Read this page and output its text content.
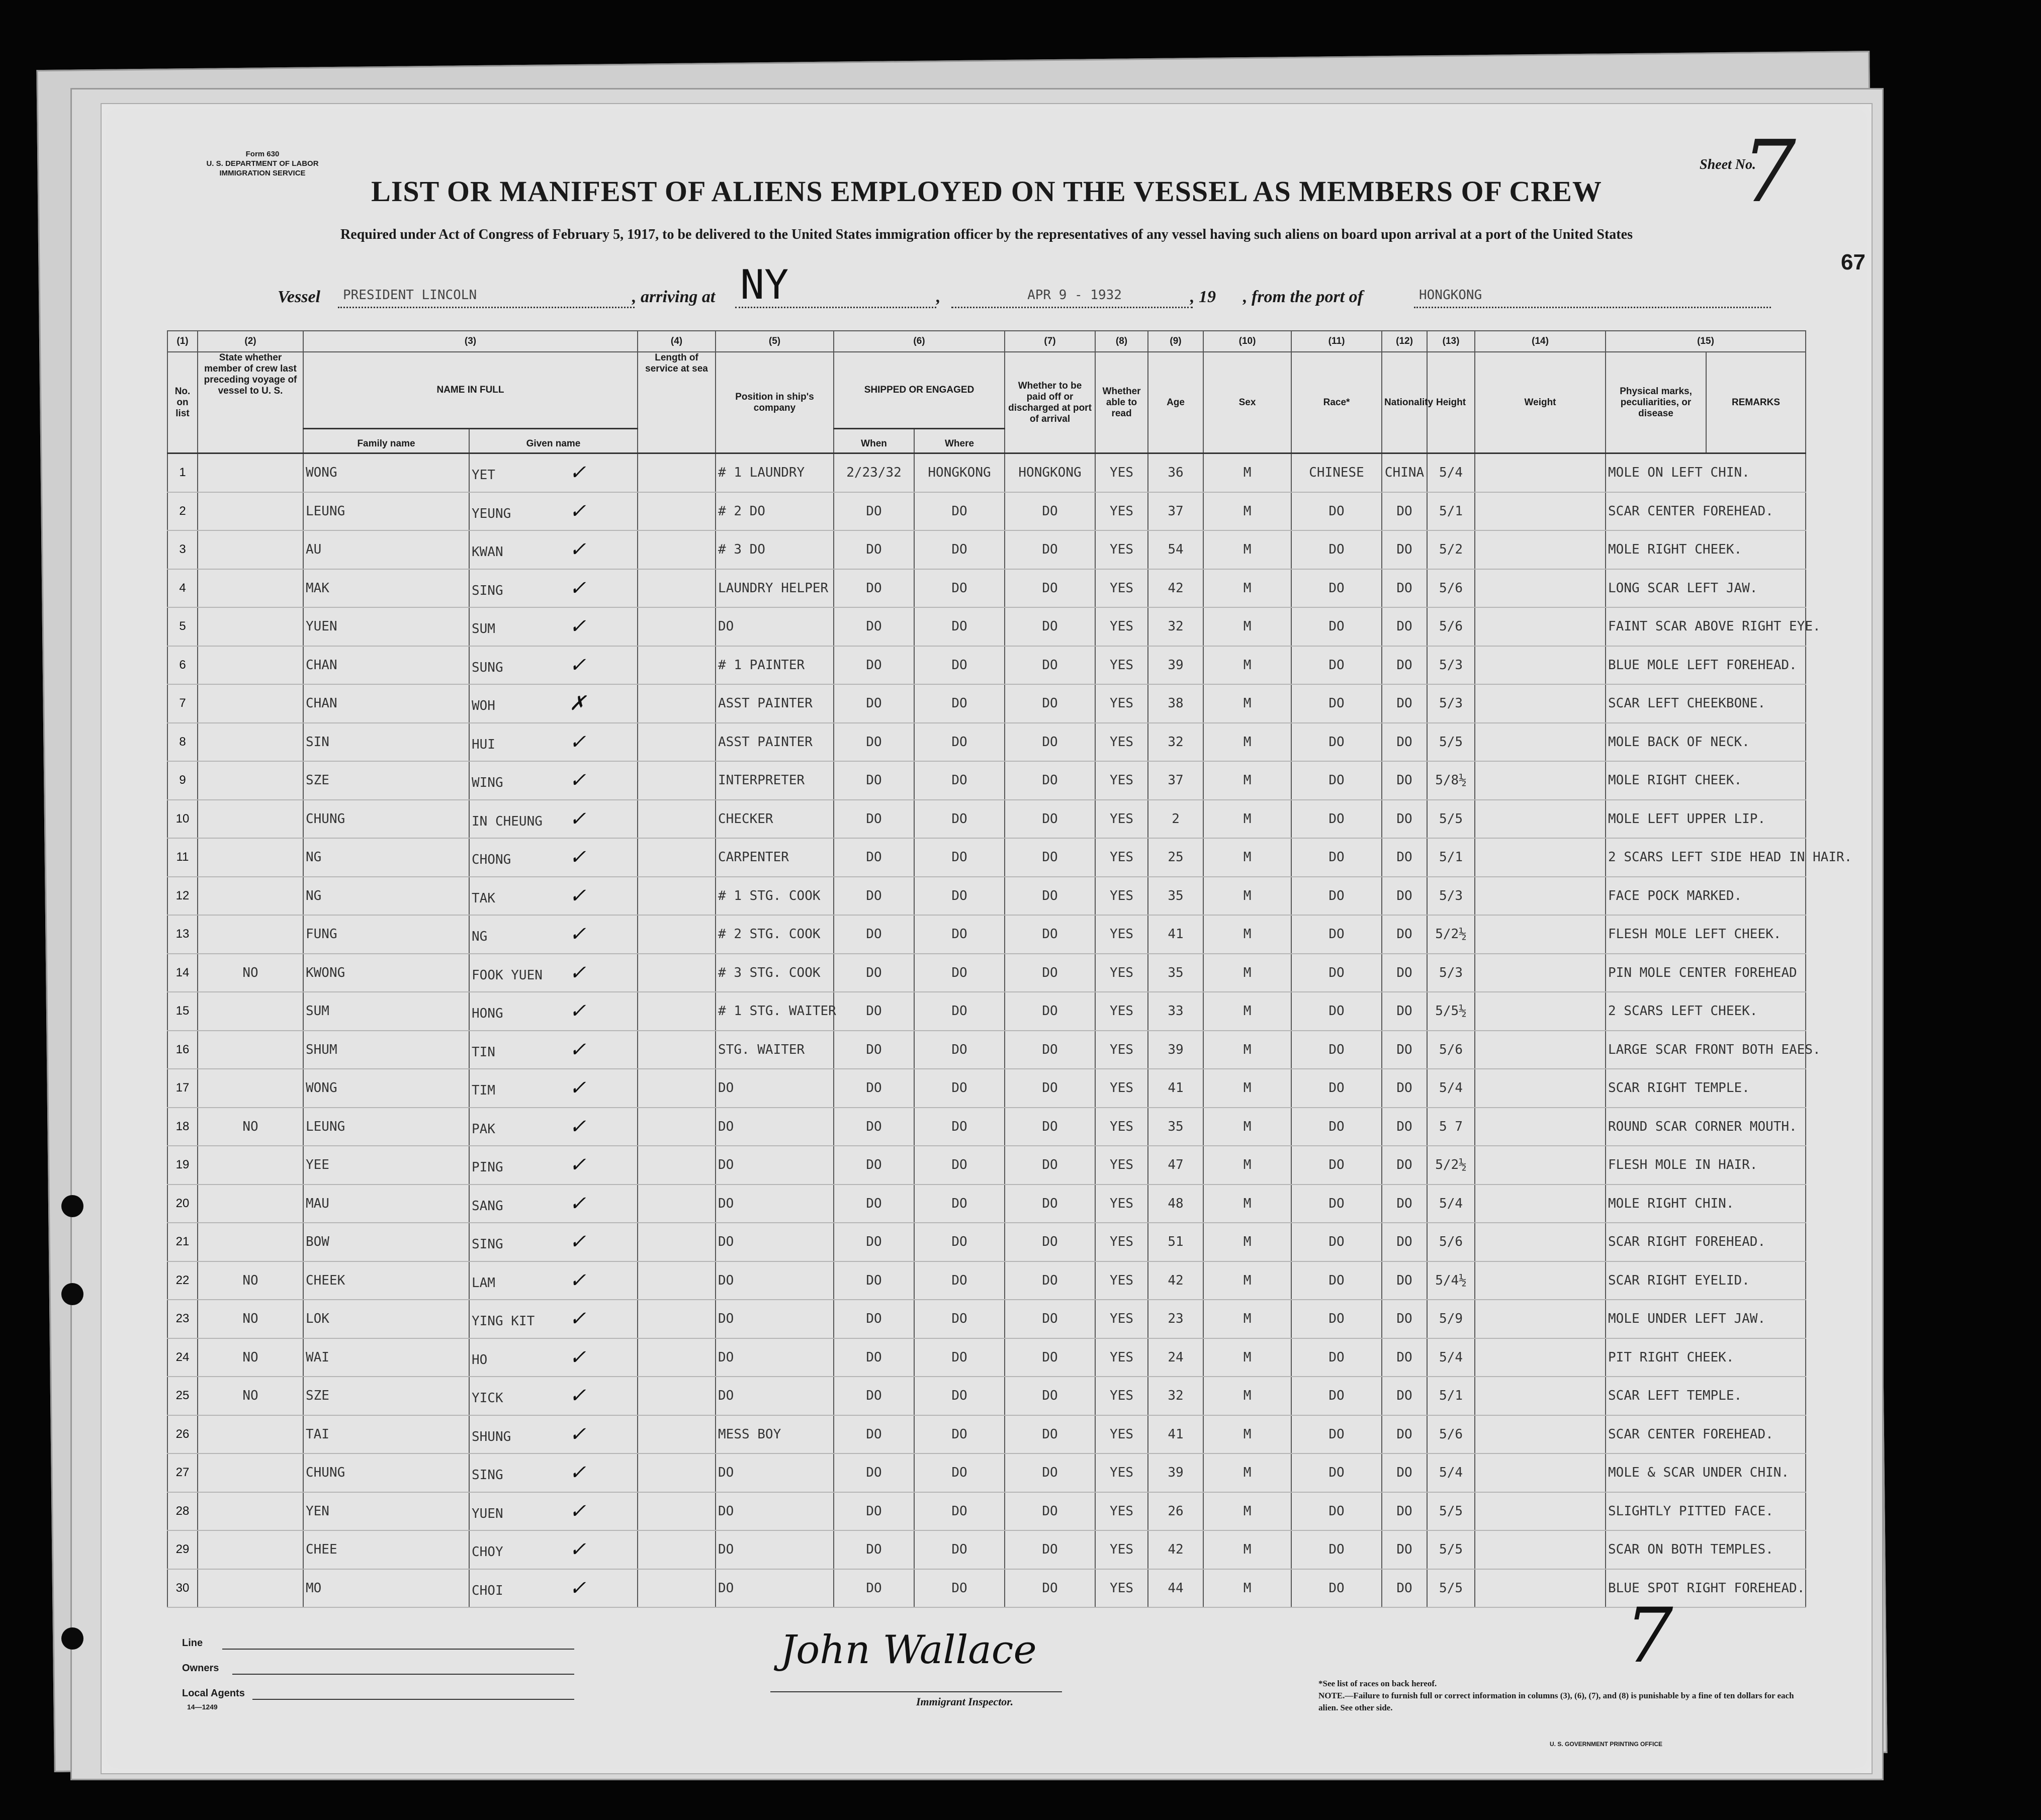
Form 630
U. S. DEPARTMENT OF LABOR
IMMIGRATION SERVICE
Sheet No.
7
67
LIST OR MANIFEST OF ALIENS EMPLOYED ON THE VESSEL AS MEMBERS OF CREW
Required under Act of Congress of February 5, 1917, to be delivered to the United States immigration officer by the representatives of any vessel having such aliens on board upon arrival at a port of the United States
Vessel	PRESIDENT LINCOLN	, arriving at NY	,	APR 9 - 1932	, 19 , from the port of	HONGKONG
(1)	(2)	(3)		(4)	(5)	(6)		(7)	(8)	(9)	(10)	(11)	(12)	(13)	(14)	(15)	
No. on list	State whether member of crew last preceding voyage of vessel to U. S.	NAME IN FULL		Length of service at sea	Position in ship's company	SHIPPED OR ENGAGED		Whether to be paid off or discharged at port of arrival	Whether able to read	Age	Sex	Race*	Nationality	Height	Weight	Physical marks, peculiarities, or disease	REMARKS
		Family name	Given name			When	Where										
1		WONG	YET ✓		# 1 LAUNDRY	2/23/32	HONGKONG	HONGKONG	YES	36	M	CHINESE	CHINA	5/4		MOLE ON LEFT CHIN.	
2		LEUNG	YEUNG ✓		# 2 DO	DO	DO	DO	YES	37	M	DO	DO	5/1		SCAR CENTER FOREHEAD.	
3		AU	KWAN ✓		# 3 DO	DO	DO	DO	YES	54	M	DO	DO	5/2		MOLE RIGHT CHEEK.	
4		MAK	SING ✓		LAUNDRY HELPER	DO	DO	DO	YES	42	M	DO	DO	5/6		LONG SCAR LEFT JAW.	
5		YUEN	SUM ✓		DO	DO	DO	DO	YES	32	M	DO	DO	5/6		FAINT SCAR ABOVE RIGHT EYE.	
6		CHAN	SUNG ✓		# 1 PAINTER	DO	DO	DO	YES	39	M	DO	DO	5/3		BLUE MOLE LEFT FOREHEAD.	
7		CHAN	WOH ✗		ASST PAINTER	DO	DO	DO	YES	38	M	DO	DO	5/3		SCAR LEFT CHEEKBONE.	
8		SIN	HUI ✓		ASST PAINTER	DO	DO	DO	YES	32	M	DO	DO	5/5		MOLE BACK OF NECK.	
9		SZE	WING ✓		INTERPRETER	DO	DO	DO	YES	37	M	DO	DO	5/8½		MOLE RIGHT CHEEK.	
10		CHUNG	IN CHEUNG ✓		CHECKER	DO	DO	DO	YES	2	M	DO	DO	5/5		MOLE LEFT UPPER LIP.	
11		NG	CHONG ✓		CARPENTER	DO	DO	DO	YES	25	M	DO	DO	5/1		2 SCARS LEFT SIDE HEAD IN HAIR.	
12		NG	TAK ✓		# 1 STG. COOK	DO	DO	DO	YES	35	M	DO	DO	5/3		FACE POCK MARKED.	
13		FUNG	NG ✓		# 2 STG. COOK	DO	DO	DO	YES	41	M	DO	DO	5/2½		FLESH MOLE LEFT CHEEK.	
14	NO	KWONG	FOOK YUEN ✓		# 3 STG. COOK	DO	DO	DO	YES	35	M	DO	DO	5/3		PIN MOLE CENTER FOREHEAD	
15		SUM	HONG ✓		# 1 STG. WAITER	DO	DO	DO	YES	33	M	DO	DO	5/5½		2 SCARS LEFT CHEEK.	
16		SHUM	TIN ✓		STG. WAITER	DO	DO	DO	YES	39	M	DO	DO	5/6		LARGE SCAR FRONT BOTH EAES.	
17		WONG	TIM ✓		DO	DO	DO	DO	YES	41	M	DO	DO	5/4		SCAR RIGHT TEMPLE.	
18	NO	LEUNG	PAK ✓		DO	DO	DO	DO	YES	35	M	DO	DO	5 7		ROUND SCAR CORNER MOUTH.	
19		YEE	PING ✓		DO	DO	DO	DO	YES	47	M	DO	DO	5/2½		FLESH MOLE IN HAIR.	
20		MAU	SANG ✓		DO	DO	DO	DO	YES	48	M	DO	DO	5/4		MOLE RIGHT CHIN.	
21		BOW	SING ✓		DO	DO	DO	DO	YES	51	M	DO	DO	5/6		SCAR RIGHT FOREHEAD.	
22	NO	CHEEK	LAM ✓		DO	DO	DO	DO	YES	42	M	DO	DO	5/4½		SCAR RIGHT EYELID.	
23	NO	LOK	YING KIT ✓		DO	DO	DO	DO	YES	23	M	DO	DO	5/9		MOLE UNDER LEFT JAW.	
24	NO	WAI	HO ✓		DO	DO	DO	DO	YES	24	M	DO	DO	5/4		PIT RIGHT CHEEK.	
25	NO	SZE	YICK ✓		DO	DO	DO	DO	YES	32	M	DO	DO	5/1		SCAR LEFT TEMPLE.	
26		TAI	SHUNG ✓		MESS BOY	DO	DO	DO	YES	41	M	DO	DO	5/6		SCAR CENTER FOREHEAD.	
27		CHUNG	SING ✓		DO	DO	DO	DO	YES	39	M	DO	DO	5/4		MOLE & SCAR UNDER CHIN.	
28		YEN	YUEN ✓		DO	DO	DO	DO	YES	26	M	DO	DO	5/5		SLIGHTLY PITTED FACE.	
29		CHEE	CHOY ✓		DO	DO	DO	DO	YES	42	M	DO	DO	5/5		SCAR ON BOTH TEMPLES.	
30		MO	CHOI ✓		DO	DO	DO	DO	YES	44	M	DO	DO	5/5		BLUE SPOT RIGHT FOREHEAD.	
Line
Owners
Local Agents
14—1249
John Wallace
Immigrant Inspector.
7
*See list of races on back hereof.
NOTE.—Failure to furnish full or correct information in columns (3), (6), (7), and (8) is punishable by a fine of ten dollars for each alien. See other side.
U. S. GOVERNMENT PRINTING OFFICE
